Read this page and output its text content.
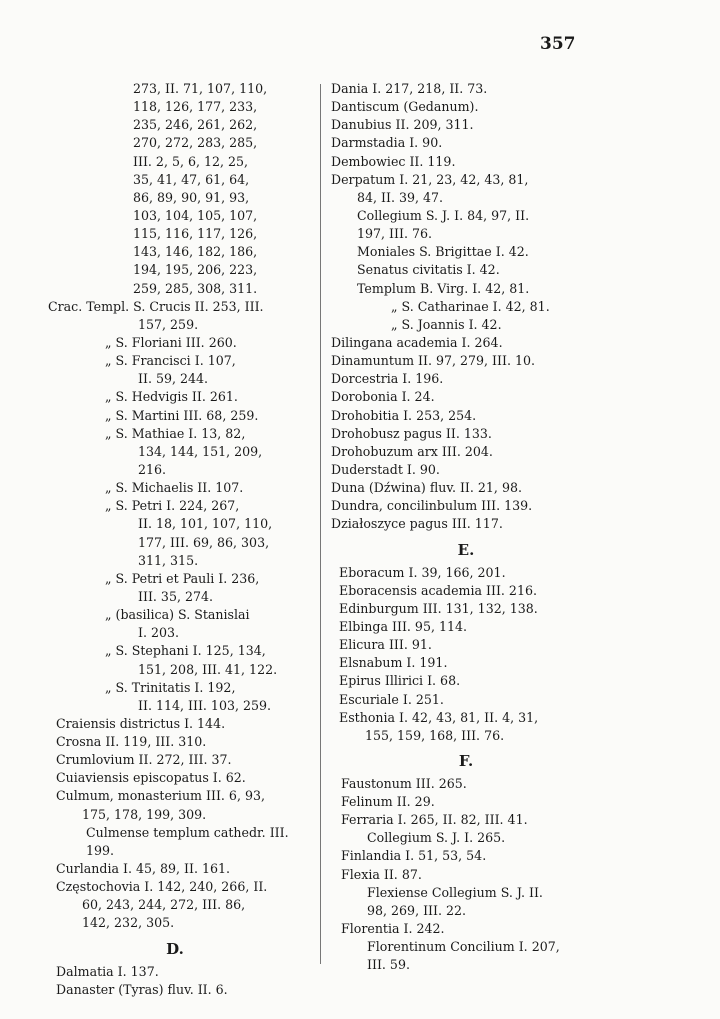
357
273, II. 71, 107, 110,
118, 126, 177, 233,
235, 246, 261, 262,
270, 272, 283, 285,
III. 2, 5, 6, 12, 25,
35, 41, 47, 61, 64,
86, 89, 90, 91, 93,
103, 104, 105, 107,
115, 116, 117, 126,
143, 146, 182, 186,
194, 195, 206, 223,
259, 285, 308, 311.
Crac. Templ. S. Crucis II. 253, III.
157, 259.
„ S. Floriani III. 260.
„ S. Francisci I. 107,
II. 59, 244.
„ S. Hedvigis II. 261.
„ S. Martini III. 68, 259.
„ S. Mathiae I. 13, 82,
134, 144, 151, 209,
216.
„ S. Michaelis II. 107.
„ S. Petri I. 224, 267,
II. 18, 101, 107, 110,
177, III. 69, 86, 303,
311, 315.
„ S. Petri et Pauli I. 236,
III. 35, 274.
„ (basilica) S. Stanislai
I. 203.
„ S. Stephani I. 125, 134,
151, 208, III. 41, 122.
„ S. Trinitatis I. 192,
II. 114, III. 103, 259.
Craiensis districtus I. 144.
Crosna II. 119, III. 310.
Crumlovium II. 272, III. 37.
Cuiaviensis episcopatus I. 62.
Culmum, monasterium III. 6, 93,
175, 178, 199, 309.
Culmense templum cathedr. III.
199.
Curlandia I. 45, 89, II. 161.
Częstochovia I. 142, 240, 266, II.
60, 243, 244, 272, III. 86,
142, 232, 305.
D.
Dalmatia I. 137.
Danaster (Tyras) fluv. II. 6.
Dania I. 217, 218, II. 73.
Dantiscum (Gedanum).
Danubius II. 209, 311.
Darmstadia I. 90.
Dembowiec II. 119.
Derpatum I. 21, 23, 42, 43, 81,
84, II. 39, 47.
Collegium S. J. I. 84, 97, II.
197, III. 76.
Moniales S. Brigittae I. 42.
Senatus civitatis I. 42.
Templum B. Virg. I. 42, 81.
„ S. Catharinae I. 42, 81.
„ S. Joannis I. 42.
Dilingana academia I. 264.
Dinamuntum II. 97, 279, III. 10.
Dorcestria I. 196.
Dorobonia I. 24.
Drohobitia I. 253, 254.
Drohobusz pagus II. 133.
Drohobuzum arx III. 204.
Duderstadt I. 90.
Duna (Dźwina) fluv. II. 21, 98.
Dundra, concilinbulum III. 139.
Działoszyce pagus III. 117.
E.
Eboracum I. 39, 166, 201.
Eboracensis academia III. 216.
Edinburgum III. 131, 132, 138.
Elbinga III. 95, 114.
Elicura III. 91.
Elsnabum I. 191.
Epirus Illirici I. 68.
Escuriale I. 251.
Esthonia I. 42, 43, 81, II. 4, 31,
155, 159, 168, III. 76.
F.
Faustonum III. 265.
Felinum II. 29.
Ferraria I. 265, II. 82, III. 41.
Collegium S. J. I. 265.
Finlandia I. 51, 53, 54.
Flexia II. 87.
Flexiense Collegium S. J. II.
98, 269, III. 22.
Florentia I. 242.
Florentinum Concilium I. 207,
III. 59.
